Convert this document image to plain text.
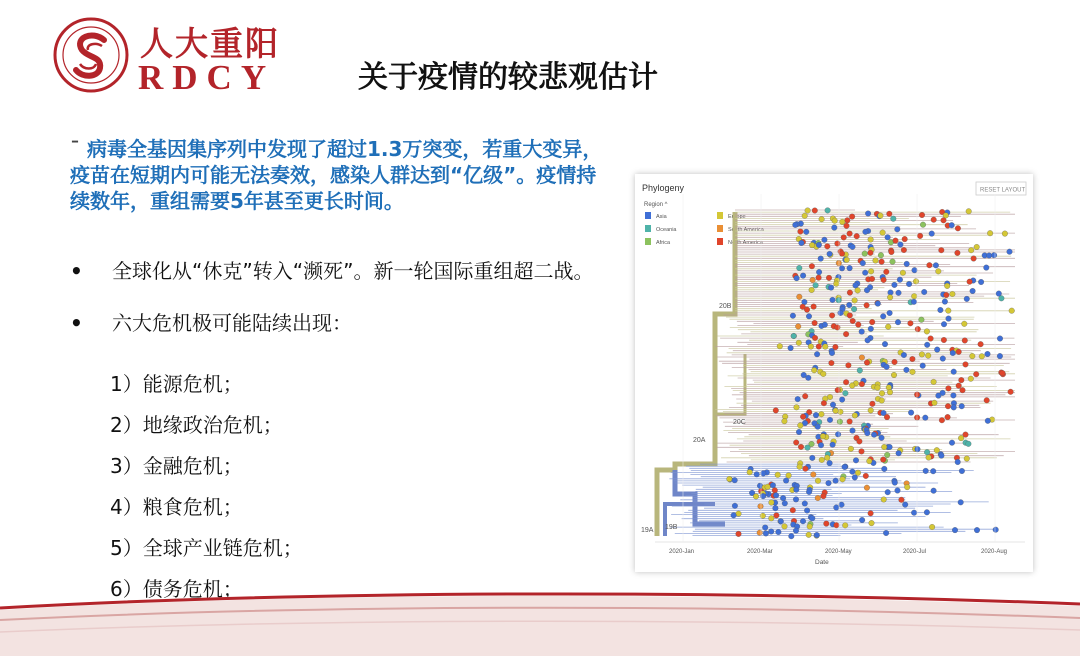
人大重阳
RDCY	关于疫情的较悲观估计
ˉ 病毒全基因集序列中发现了超过1.3万突变，若重大变异，疫苗在短期内可能无法奏效，感染人群达到“亿级”。疫情持续数年，重组需要5年甚至更长时间。
•	全球化从“休克”转入“濒死”。新一轮国际重组超二战。
•	六大危机极可能陆续出现：
1）能源危机；
2）地缘政治危机；
3）金融危机；
4）粮食危机；
5）全球产业链危机；
6）债务危机；
Phylogeny	RESET LAYOUT
Region ^
Asia	Europe
Oceania	South America
Africa	North America
20B
20C
20A
19B
19A
2020-Jan	2020-Mar	2020-May	2020-Jul	2020-Aug
Date
